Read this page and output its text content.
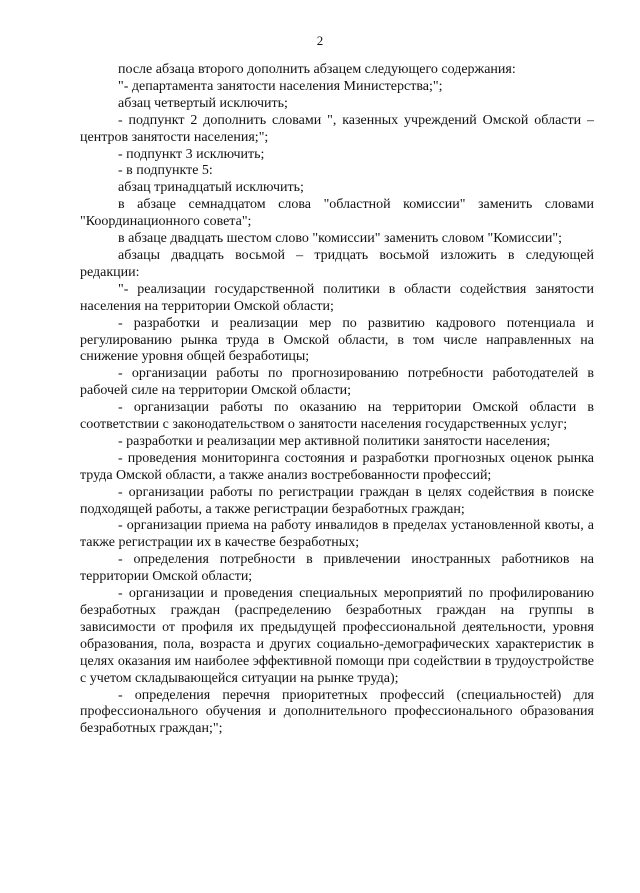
2

после абзаца второго дополнить абзацем следующего содержания:

"- департамента занятости населения Министерства;";

абзац четвертый исключить;

- подпункт 2 дополнить словами ", казенных учреждений Омской области – центров занятости населения;";

- подпункт 3 исключить;

- в подпункте 5:

абзац тринадцатый исключить;

в абзаце семнадцатом слова "областной комиссии" заменить словами "Координационного совета";

в абзаце двадцать шестом слово "комиссии" заменить словом "Комиссии";

абзацы двадцать восьмой – тридцать восьмой изложить в следующей редакции:

"- реализации государственной политики в области содействия занятости населения на территории Омской области;

- разработки и реализации мер по развитию кадрового потенциала и регулированию рынка труда в Омской области, в том числе направленных на снижение уровня общей безработицы;

- организации работы по прогнозированию потребности работодателей в рабочей силе на территории Омской области;

- организации работы по оказанию на территории Омской области в соответствии с законодательством о занятости населения государственных услуг;

- разработки и реализации мер активной политики занятости населения;

- проведения мониторинга состояния и разработки прогнозных оценок рынка труда Омской области, а также анализ востребованности профессий;

- организации работы по регистрации граждан в целях содействия в поиске подходящей работы, а также регистрации безработных граждан;

- организации приема на работу инвалидов в пределах установленной квоты, а также регистрации их в качестве безработных;

- определения потребности в привлечении иностранных работников на территории Омской области;

- организации и проведения специальных мероприятий по профилированию безработных граждан (распределению безработных граждан на группы в зависимости от профиля их предыдущей профессиональной деятельности, уровня образования, пола, возраста и других социально-демографических характеристик в целях оказания им наиболее эффективной помощи при содействии в трудоустройстве с учетом складывающейся ситуации на рынке труда);

- определения перечня приоритетных профессий (специальностей) для профессионального обучения и дополнительного профессионального образования безработных граждан;";
